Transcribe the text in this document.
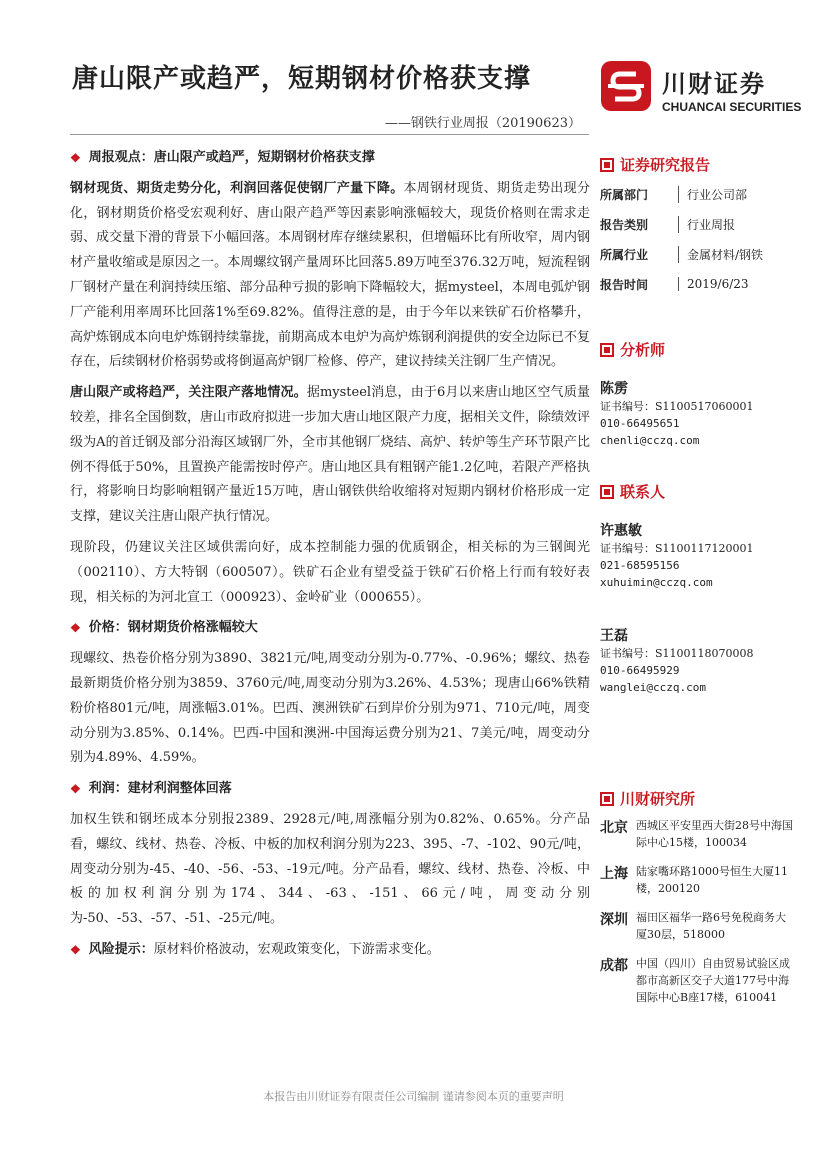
唐山限产或趋严，短期钢材价格获支撑
——钢铁行业周报（20190623）
川财证券
CHUANCAI SECURITIES
❖ 周报观点：唐山限产或趋严，短期钢材价格获支撑

钢材现货、期货走势分化，利润回落促使钢厂产量下降。本周钢材现货、期货走势出现分化，钢材期货价格受宏观利好、唐山限产趋严等因素影响涨幅较大，现货价格则在需求走弱、成交量下滑的背景下小幅回落。本周钢材库存继续累积，但增幅环比有所收窄，周内钢材产量收缩或是原因之一。本周螺纹钢产量周环比回落5.89万吨至376.32万吨，短流程钢厂钢材产量在利润持续压缩、部分品种亏损的影响下降幅较大，据mysteel，本周电弧炉钢厂产能利用率周环比回落1%至69.82%。值得注意的是，由于今年以来铁矿石价格攀升，高炉炼钢成本向电炉炼钢持续靠拢，前期高成本电炉为高炉炼钢利润提供的安全边际已不复存在，后续钢材价格弱势或将倒逼高炉钢厂检修、停产，建议持续关注钢厂生产情况。

唐山限产或将趋严，关注限产落地情况。据mysteel消息，由于6月以来唐山地区空气质量较差，排名全国倒数，唐山市政府拟进一步加大唐山地区限产力度，据相关文件，除绩效评级为A的首迁钢及部分沿海区域钢厂外，全市其他钢厂烧结、高炉、转炉等生产环节限产比例不得低于50%，且置换产能需按时停产。唐山地区具有粗钢产能1.2亿吨，若限产严格执行，将影响日均影响粗钢产量近15万吨，唐山钢铁供给收缩将对短期内钢材价格形成一定支撑，建议关注唐山限产执行情况。

现阶段，仍建议关注区域供需向好，成本控制能力强的优质钢企，相关标的为三钢闽光（002110）、方大特钢（600507）。铁矿石企业有望受益于铁矿石价格上行而有较好表现，相关标的为河北宣工（000923）、金岭矿业（000655）。

❖ 价格：钢材期货价格涨幅较大

现螺纹、热卷价格分别为3890、3821元/吨,周变动分别为-0.77%、-0.96%；螺纹、热卷最新期货价格分别为3859、3760元/吨,周变动分别为3.26%、4.53%；现唐山66%铁精粉价格801元/吨，周涨幅3.01%。巴西、澳洲铁矿石到岸价分别为971、710元/吨，周变动分别为3.85%、0.14%。巴西-中国和澳洲-中国海运费分别为21、7美元/吨，周变动分别为4.89%、4.59%。

❖ 利润：建材利润整体回落

加权生铁和钢坯成本分别报2389、2928元/吨,周涨幅分别为0.82%、0.65%。分产品看，螺纹、线材、热卷、冷板、中板的加权利润分别为223、395、-7、-102、90元/吨，周变动分别为-45、-40、-56、-53、-19元/吨。分产品看，螺纹、线材、热卷、冷板、中板的加权利润分别为174、344、-63、-151、66元/吨，周变动分别为-50、-53、-57、-51、-25元/吨。

❖ 风险提示：原材料价格波动，宏观政策变化，下游需求变化。
证券研究报告
所属部门	行业公司部
报告类别	行业周报
所属行业	金属材料/钢铁
报告时间	2019/6/23
分析师
陈雳
证书编号：S1100517060001
010-66495651
chenli@cczq.com
联系人
许惠敏
证书编号：S1100117120001
021-68595156
xuhuimin@cczq.com
王磊
证书编号：S1100118070008
010-66495929
wanglei@cczq.com
川财研究所
北京 西城区平安里西大街28号中海国际中心15楼，100034
上海 陆家嘴环路1000号恒生大厦11楼，200120
深圳 福田区福华一路6号免税商务大厦30层，518000
成都 中国（四川）自由贸易试验区成都市高新区交子大道177号中海国际中心B座17楼，610041
本报告由川财证券有限责任公司编制 谨请参阅本页的重要声明
